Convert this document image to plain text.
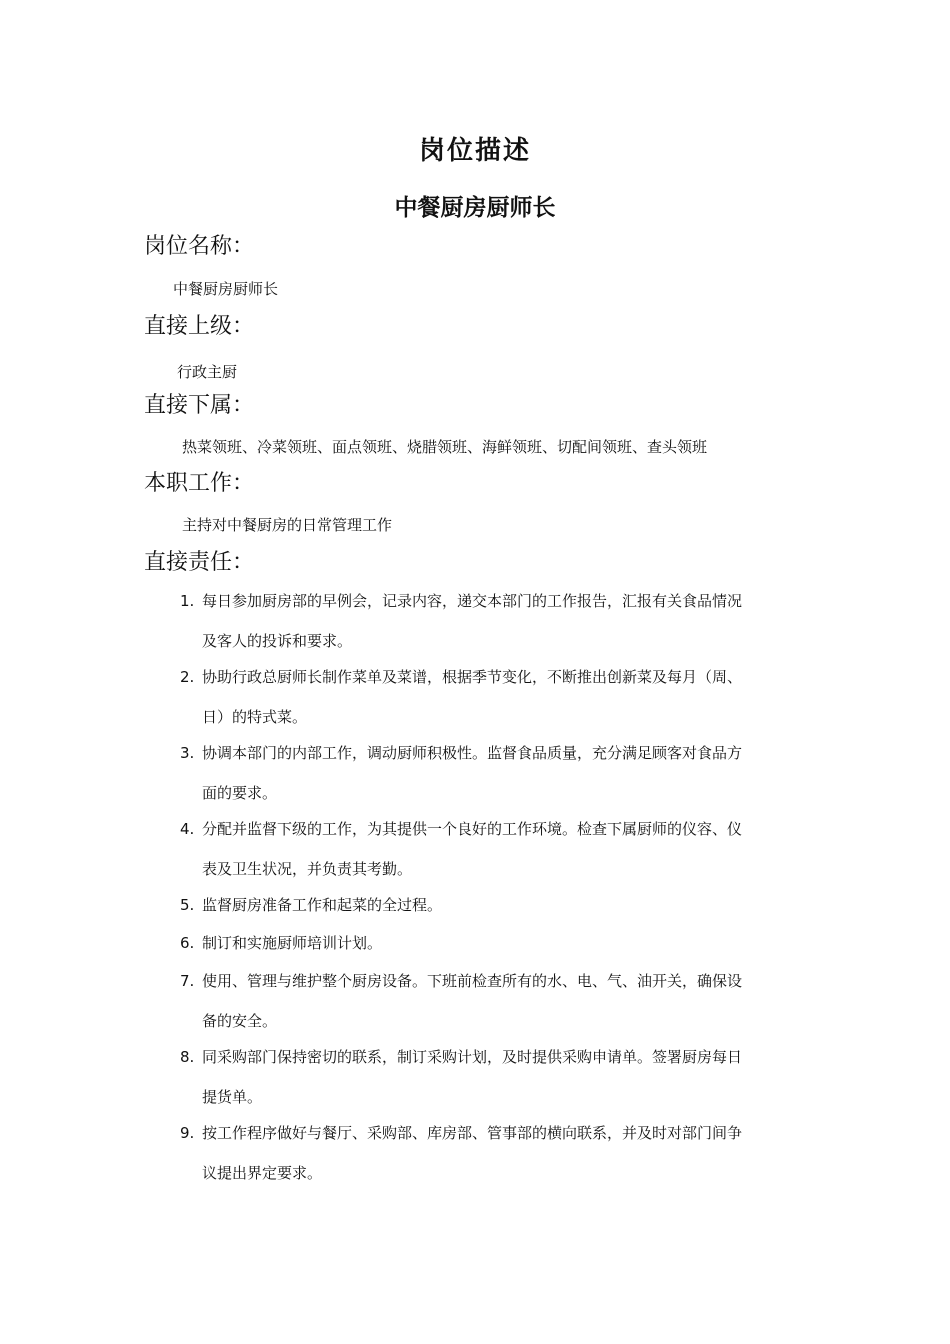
岗位描述
中餐厨房厨师长
岗位名称：

中餐厨房厨师长

直接上级：

行政主厨

直接下属：

热菜领班、冷菜领班、面点领班、烧腊领班、海鲜领班、切配间领班、查头领班

本职工作：

主持对中餐厨房的日常管理工作

直接责任：
1. 每日参加厨房部的早例会，记录内容，递交本部门的工作报告，汇报有关食品情况
及客人的投诉和要求。
2. 协助行政总厨师长制作菜单及菜谱，根据季节变化，不断推出创新菜及每月（周、
日）的特式菜。
3. 协调本部门的内部工作，调动厨师积极性。监督食品质量，充分满足顾客对食品方
面的要求。
4. 分配并监督下级的工作，为其提供一个良好的工作环境。检查下属厨师的仪容、仪
表及卫生状况，并负责其考勤。
5. 监督厨房准备工作和起菜的全过程。
6. 制订和实施厨师培训计划。
7. 使用、管理与维护整个厨房设备。下班前检查所有的水、电、气、油开关，确保设
备的安全。
8. 同采购部门保持密切的联系，制订采购计划，及时提供采购申请单。签署厨房每日
提货单。
9. 按工作程序做好与餐厅、采购部、库房部、管事部的横向联系，并及时对部门间争
议提出界定要求。
